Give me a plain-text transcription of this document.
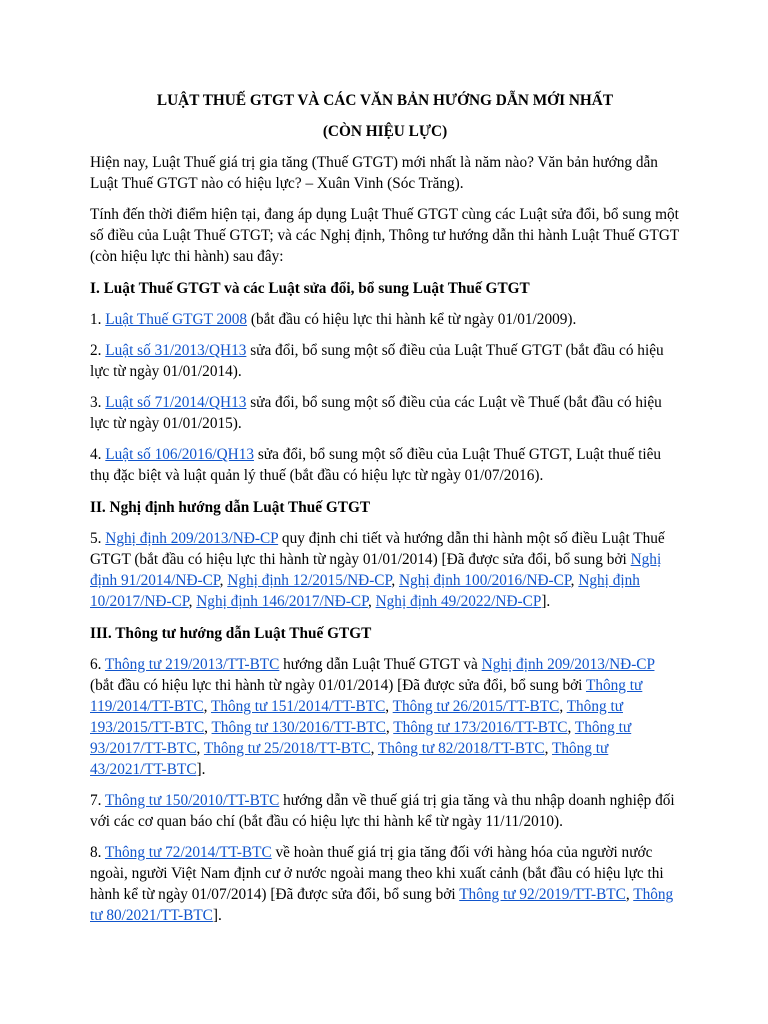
LUẬT THUẾ GTGT VÀ CÁC VĂN BẢN HƯỚNG DẪN MỚI NHẤT

(CÒN HIỆU LỰC)

Hiện nay, Luật Thuế giá trị gia tăng (Thuế GTGT) mới nhất là năm nào? Văn bản hướng dẫn Luật Thuế GTGT nào có hiệu lực? – Xuân Vinh (Sóc Trăng).

Tính đến thời điểm hiện tại, đang áp dụng Luật Thuế GTGT cùng các Luật sửa đổi, bổ sung một số điều của Luật Thuế GTGT; và các Nghị định, Thông tư hướng dẫn thi hành Luật Thuế GTGT (còn hiệu lực thi hành) sau đây:

I. Luật Thuế GTGT và các Luật sửa đổi, bổ sung Luật Thuế GTGT

1. Luật Thuế GTGT 2008 (bắt đầu có hiệu lực thi hành kể từ ngày 01/01/2009).

2. Luật số 31/2013/QH13 sửa đổi, bổ sung một số điều của Luật Thuế GTGT (bắt đầu có hiệu lực từ ngày 01/01/2014).

3. Luật số 71/2014/QH13 sửa đổi, bổ sung một số điều của các Luật về Thuế (bắt đầu có hiệu lực từ ngày 01/01/2015).

4. Luật số 106/2016/QH13 sửa đổi, bổ sung một số điều của Luật Thuế GTGT, Luật thuế tiêu thụ đặc biệt và luật quản lý thuế (bắt đầu có hiệu lực từ ngày 01/07/2016).

II. Nghị định hướng dẫn Luật Thuế GTGT

5. Nghị định 209/2013/NĐ-CP quy định chi tiết và hướng dẫn thi hành một số điều Luật Thuế GTGT (bắt đầu có hiệu lực thi hành từ ngày 01/01/2014) [Đã được sửa đổi, bổ sung bởi Nghị định 91/2014/NĐ-CP, Nghị định 12/2015/NĐ-CP, Nghị định 100/2016/NĐ-CP, Nghị định 10/2017/NĐ-CP, Nghị định 146/2017/NĐ-CP, Nghị định 49/2022/NĐ-CP].

III. Thông tư hướng dẫn Luật Thuế GTGT

6. Thông tư 219/2013/TT-BTC hướng dẫn Luật Thuế GTGT và Nghị định 209/2013/NĐ-CP (bắt đầu có hiệu lực thi hành từ ngày 01/01/2014) [Đã được sửa đổi, bổ sung bởi Thông tư 119/2014/TT-BTC, Thông tư 151/2014/TT-BTC, Thông tư 26/2015/TT-BTC, Thông tư 193/2015/TT-BTC, Thông tư 130/2016/TT-BTC, Thông tư 173/2016/TT-BTC, Thông tư 93/2017/TT-BTC, Thông tư 25/2018/TT-BTC, Thông tư 82/2018/TT-BTC, Thông tư 43/2021/TT-BTC].

7. Thông tư 150/2010/TT-BTC hướng dẫn về thuế giá trị gia tăng và thu nhập doanh nghiệp đối với các cơ quan báo chí (bắt đầu có hiệu lực thi hành kể từ ngày 11/11/2010).

8. Thông tư 72/2014/TT-BTC về hoàn thuế giá trị gia tăng đối với hàng hóa của người nước ngoài, người Việt Nam định cư ở nước ngoài mang theo khi xuất cảnh (bắt đầu có hiệu lực thi hành kể từ ngày 01/07/2014) [Đã được sửa đổi, bổ sung bởi Thông tư 92/2019/TT-BTC, Thông tư 80/2021/TT-BTC].
